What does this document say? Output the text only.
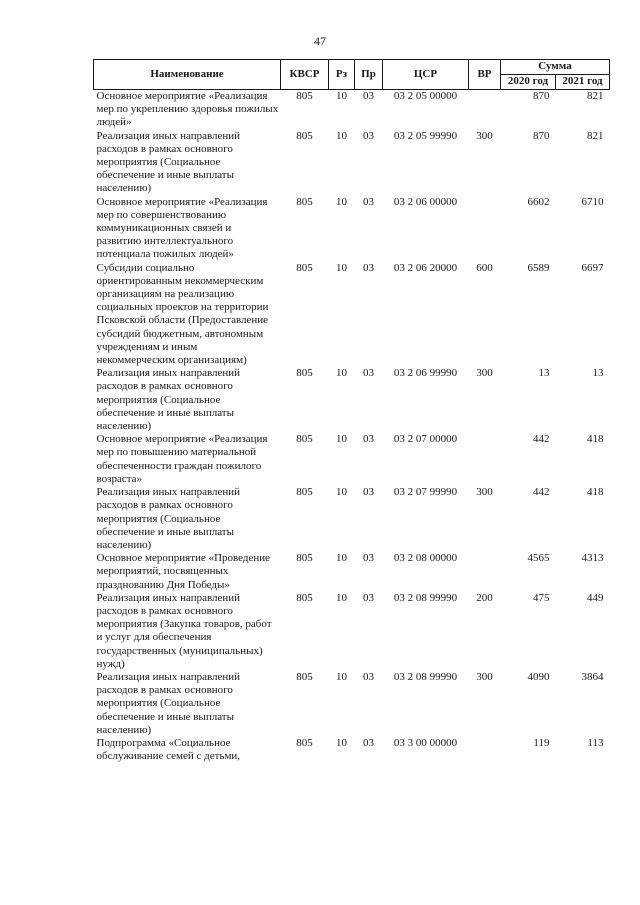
47
Наименование	КВСР	Рз	Пр	ЦСР	ВР	Сумма	
						2020 год	2021 год
Основное мероприятие «Реализация мер по укреплению здоровья пожилых людей»	805	10	03	03 2 05 00000		870	821
Реализация иных направлений расходов в рамках основного мероприятия (Социальное обеспечение и иные выплаты населению)	805	10	03	03 2 05 99990	300	870	821
Основное мероприятие «Реализация мер по совершенствованию коммуникационных связей и развитию интеллектуального потенциала пожилых людей»	805	10	03	03 2 06 00000		6602	6710
Субсидии социально ориентированным некоммерческим организациям на реализацию социальных проектов на территории Псковской области (Предоставление субсидий бюджетным, автономным учреждениям и иным некоммерческим организациям)	805	10	03	03 2 06 20000	600	6589	6697
Реализация иных направлений расходов в рамках основного мероприятия (Социальное обеспечение и иные выплаты населению)	805	10	03	03 2 06 99990	300	13	13
Основное мероприятие «Реализация мер по повышению материальной обеспеченности граждан пожилого возраста»	805	10	03	03 2 07 00000		442	418
Реализация иных направлений расходов в рамках основного мероприятия (Социальное обеспечение и иные выплаты населению)	805	10	03	03 2 07 99990	300	442	418
Основное мероприятие «Проведение мероприятий, посвященных празднованию Дня Победы»	805	10	03	03 2 08 00000		4565	4313
Реализация иных направлений расходов в рамках основного мероприятия (Закупка товаров, работ и услуг для обеспечения государственных (муниципальных) нужд)	805	10	03	03 2 08 99990	200	475	449
Реализация иных направлений расходов в рамках основного мероприятия (Социальное обеспечение и иные выплаты населению)	805	10	03	03 2 08 99990	300	4090	3864
Подпрограмма «Социальное обслуживание семей с детьми,	805	10	03	03 3 00 00000		119	113
